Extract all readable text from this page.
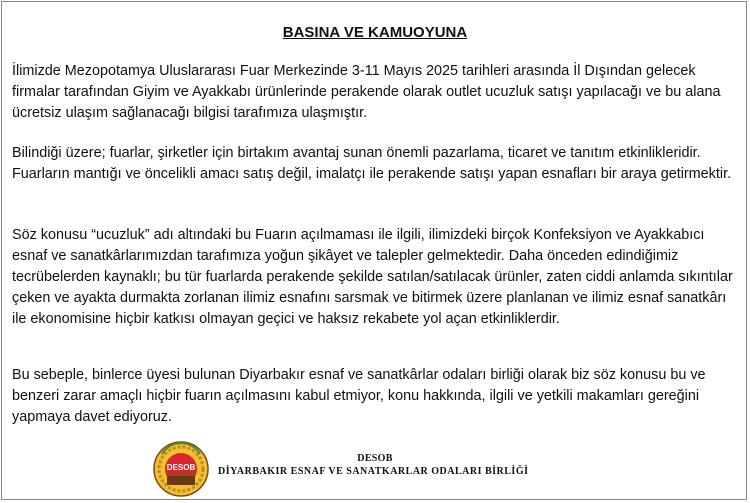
BASINA VE KAMUOYUNA

İlimizde Mezopotamya Uluslararası Fuar Merkezinde 3-11 Mayıs 2025 tarihleri arasında İl Dışından gelecek firmalar tarafından Giyim ve Ayakkabı ürünlerinde perakende olarak outlet ucuzluk satışı yapılacağı ve bu alana ücretsiz ulaşım sağlanacağı bilgisi tarafımıza ulaşmıştır.

Bilindiği üzere; fuarlar, şirketler için birtakım avantaj sunan önemli pazarlama, ticaret ve tanıtım etkinlikleridir. Fuarların mantığı ve öncelikli amacı satış değil, imalatçı ile perakende satışı yapan esnafları bir araya getirmektir.

Söz konusu “ucuzluk” adı altındaki bu Fuarın açılmaması ile ilgili, ilimizdeki birçok Konfeksiyon ve Ayakkabıcı esnaf ve sanatkârlarımızdan tarafımıza yoğun şikâyet ve talepler gelmektedir. Daha önceden edindiğimiz tecrübelerden kaynaklı; bu tür fuarlarda perakende şekilde satılan/satılacak ürünler, zaten ciddi anlamda sıkıntılar çeken ve ayakta durmakta zorlanan ilimiz esnafını sarsmak ve bitirmek üzere planlanan ve ilimiz esnaf sanatkârı ile ekonomisine hiçbir katkısı olmayan geçici ve haksız rekabete yol açan etkinliklerdir.

Bu sebeple, binlerce üyesi bulunan Diyarbakır esnaf ve sanatkârlar odaları birliği olarak biz söz konusu bu ve benzeri zarar amaçlı hiçbir fuarın açılmasını kabul etmiyor, konu hakkında, ilgili ve yetkili makamları gereğini yapmaya davet ediyoruz.

DESOB
DESOB
DİYARBAKIR ESNAF VE SANATKARLAR ODALARI BİRLİĞİ
